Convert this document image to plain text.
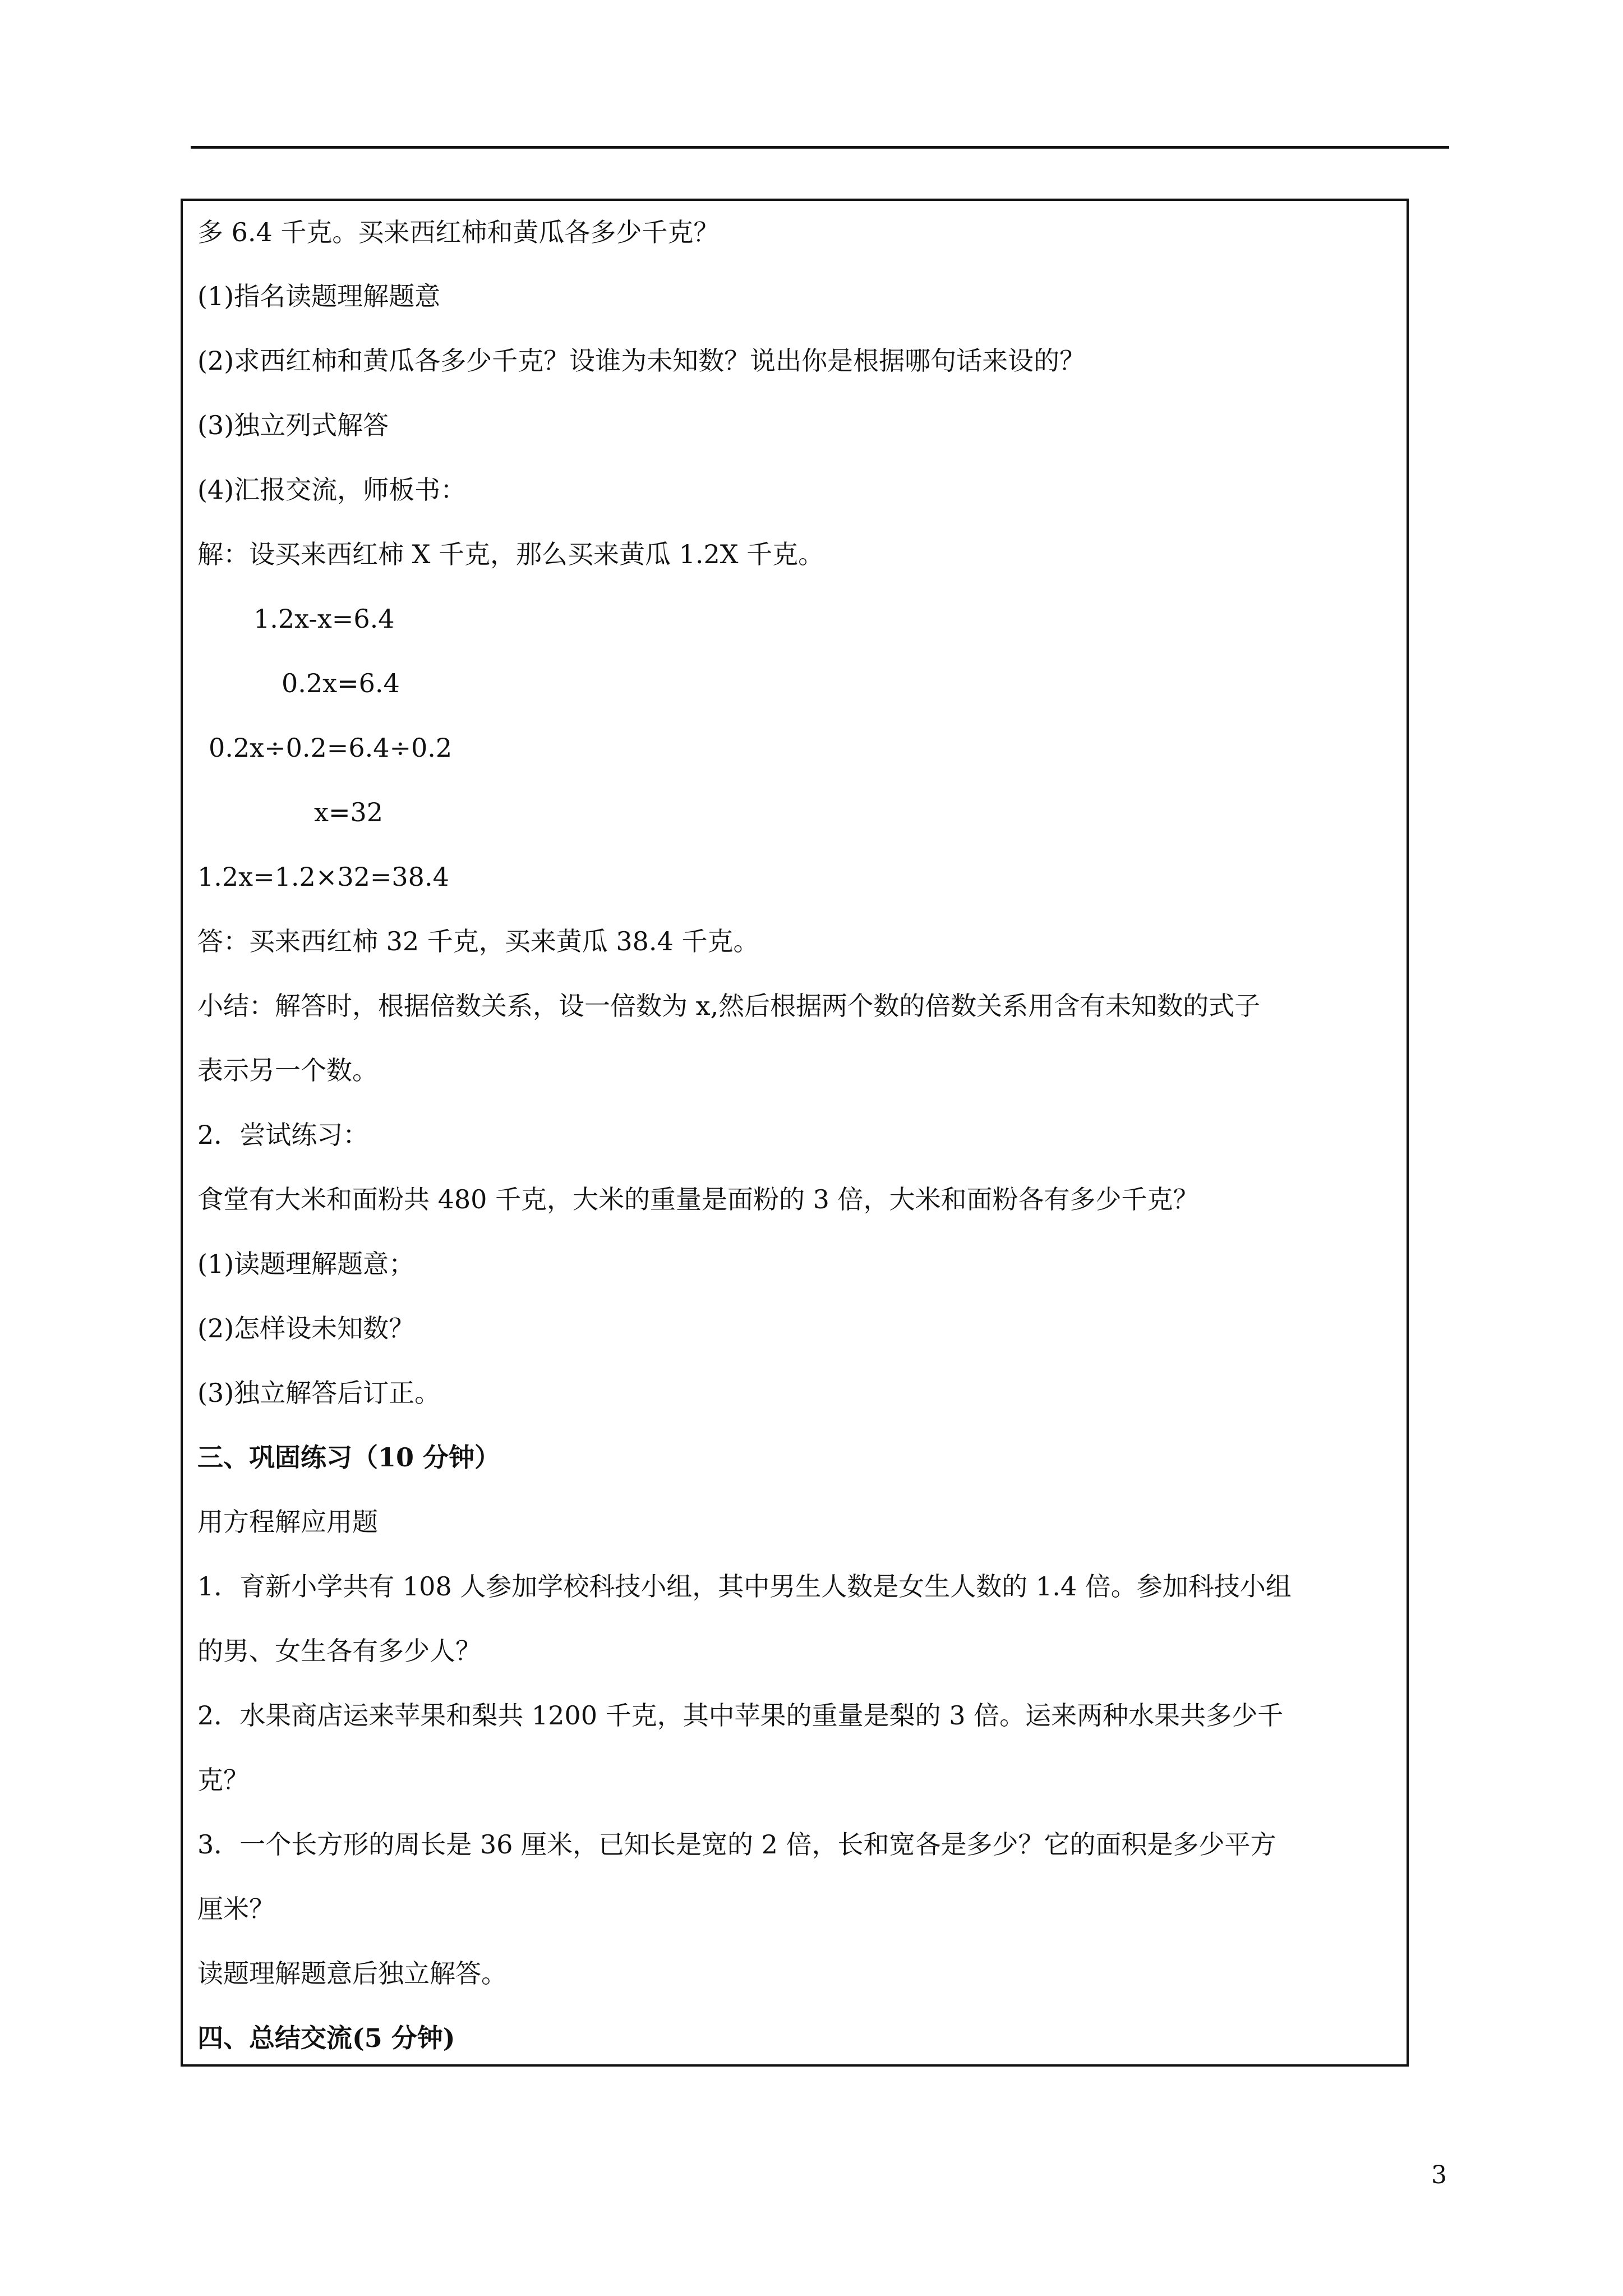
多 6.4 千克。买来西红柿和黄瓜各多少千克？
(1)指名读题理解题意
(2)求西红柿和黄瓜各多少千克？设谁为未知数？说出你是根据哪句话来设的？
(3)独立列式解答
(4)汇报交流，师板书：
解：设买来西红柿 X 千克，那么买来黄瓜 1.2X 千克。
1.2x-x=6.4
0.2x=6.4
0.2x÷0.2=6.4÷0.2
x=32
1.2x=1.2×32=38.4
答：买来西红柿 32 千克，买来黄瓜 38.4 千克。
小结：解答时，根据倍数关系，设一倍数为 x,然后根据两个数的倍数关系用含有未知数的式子
表示另一个数。
2．尝试练习：
食堂有大米和面粉共 480 千克，大米的重量是面粉的 3 倍，大米和面粉各有多少千克？
(1)读题理解题意；
(2)怎样设未知数？
(3)独立解答后订正。
三、巩固练习（10 分钟）
用方程解应用题
1．育新小学共有 108 人参加学校科技小组，其中男生人数是女生人数的 1.4 倍。参加科技小组
的男、女生各有多少人？
2．水果商店运来苹果和梨共 1200 千克，其中苹果的重量是梨的 3 倍。运来两种水果共多少千
克？
3．一个长方形的周长是 36 厘米，已知长是宽的 2 倍，长和宽各是多少？它的面积是多少平方
厘米？
读题理解题意后独立解答。
四、总结交流(5 分钟)
3
